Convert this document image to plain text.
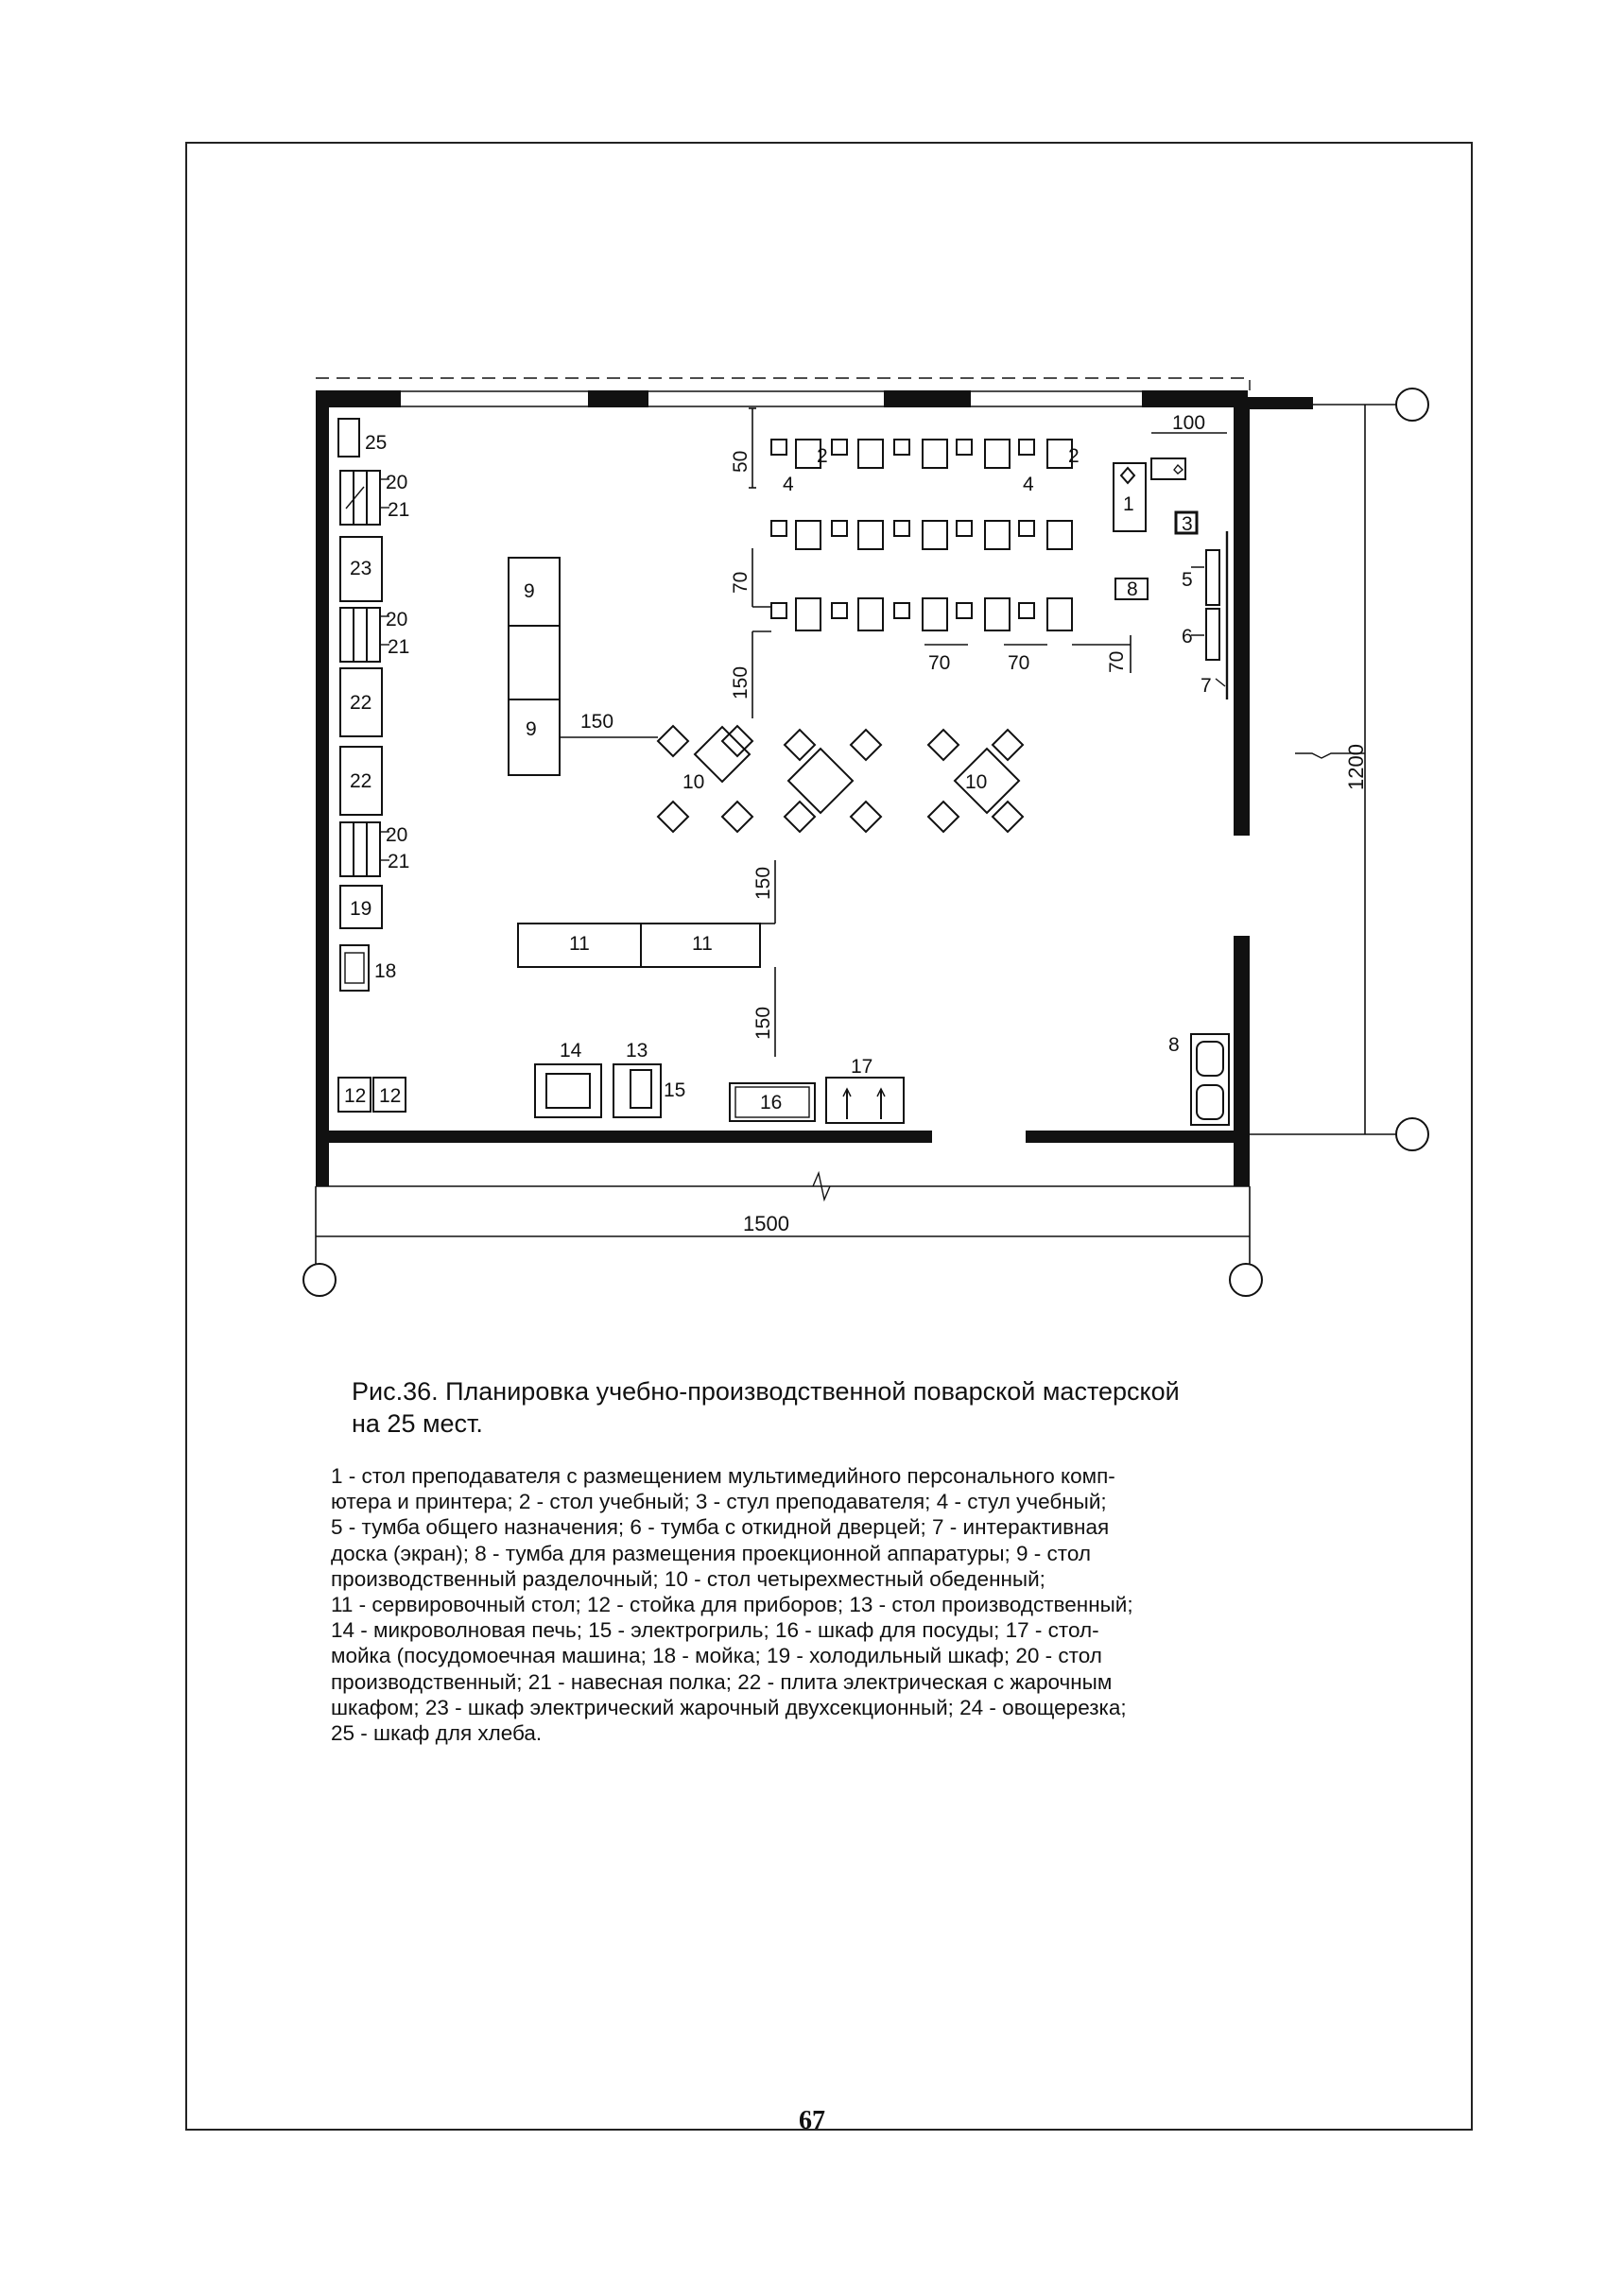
25
20
21
23
20
21
22
22
20
21
19
18
12 12
9
9
11	11
14 13
15
16
17
2	2
4	4
1
3
8 5
6
7
10	10
8
50
70
150
150
150
150
70	70	70
100
1200
1500
Рис.36. Планировка учебно-производственной поварской мастерской
на 25 мест.
1 - стол преподавателя с размещением мультимедийного персонального комп-
ютера и принтера; 2 - стол учебный; 3 - стул преподавателя; 4 - стул учебный;
5 - тумба общего назначения; 6 - тумба с откидной дверцей; 7 - интерактивная
доска (экран); 8 - тумба для размещения проекционной аппаратуры; 9 - стол
производственный разделочный; 10 - стол четырехместный обеденный;
11 - сервировочный стол; 12 - стойка для приборов; 13 - стол производственный;
14 - микроволновая печь; 15 - электрогриль; 16 - шкаф для посуды; 17 - стол-
мойка (посудомоечная машина; 18 - мойка; 19 - холодильный шкаф; 20 - стол
производственный; 21 - навесная полка; 22 - плита электрическая с жарочным
шкафом; 23 - шкаф электрический жарочный двухсекционный; 24 - овощерезка;
25 - шкаф для хлеба.
67
